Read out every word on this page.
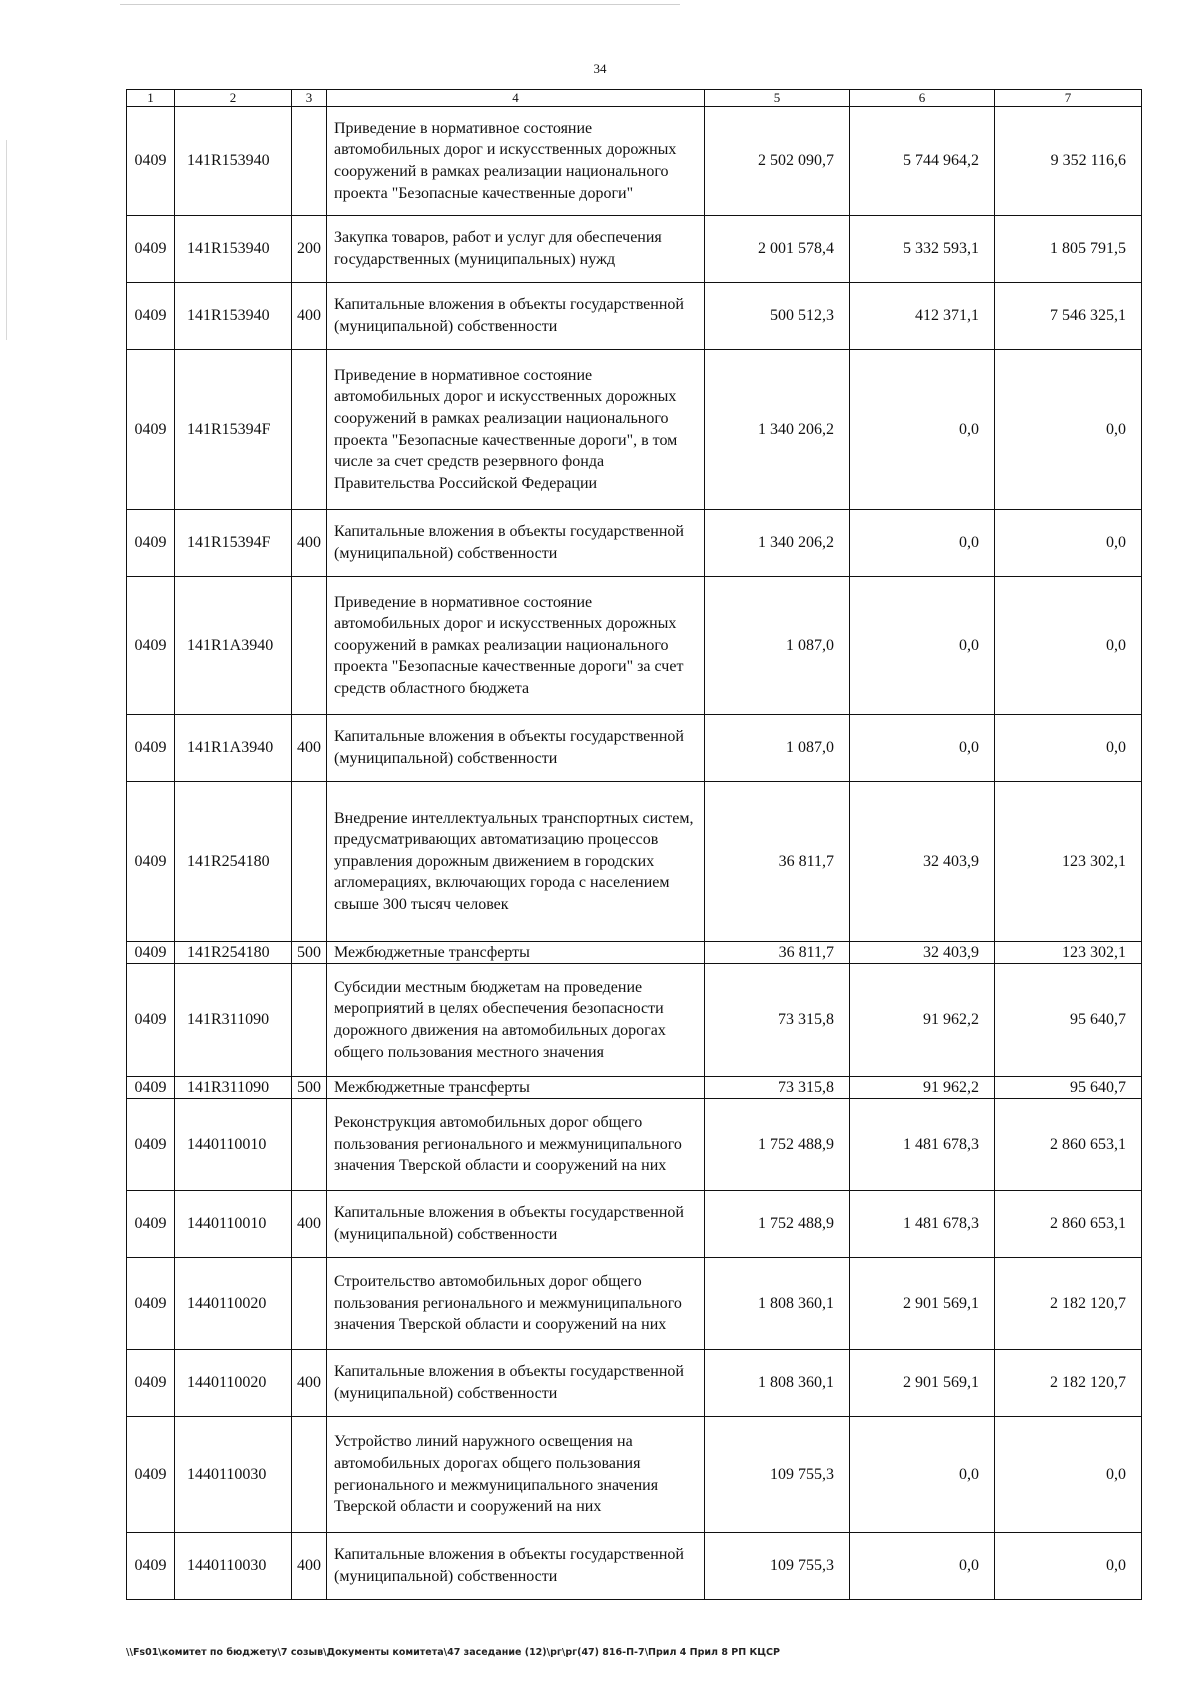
34
1	2	3	4	5	6	7
0409	141R153940		Приведение в нормативное состояние автомобильных дорог и искусственных дорожных сооружений в рамках реализации национального проекта "Безопасные качественные дороги"	2 502 090,7	5 744 964,2	9 352 116,6
0409	141R153940	200	Закупка товаров, работ и услуг для обеспечения государственных (муниципальных) нужд	2 001 578,4	5 332 593,1	1 805 791,5
0409	141R153940	400	Капитальные вложения в объекты государственной (муниципальной) собственности	500 512,3	412 371,1	7 546 325,1
0409	141R15394F		Приведение в нормативное состояние автомобильных дорог и искусственных дорожных сооружений в рамках реализации национального проекта "Безопасные качественные дороги", в том числе за счет средств резервного фонда Правительства Российской Федерации	1 340 206,2	0,0	0,0
0409	141R15394F	400	Капитальные вложения в объекты государственной (муниципальной) собственности	1 340 206,2	0,0	0,0
0409	141R1A3940		Приведение в нормативное состояние автомобильных дорог и искусственных дорожных сооружений в рамках реализации национального проекта "Безопасные качественные дороги" за счет средств областного бюджета	1 087,0	0,0	0,0
0409	141R1A3940	400	Капитальные вложения в объекты государственной (муниципальной) собственности	1 087,0	0,0	0,0
0409	141R254180		Внедрение интеллектуальных транспортных систем, предусматривающих автоматизацию процессов управления дорожным движением в городских агломерациях, включающих города с населением свыше 300 тысяч человек	36 811,7	32 403,9	123 302,1
0409	141R254180	500	Межбюджетные трансферты	36 811,7	32 403,9	123 302,1
0409	141R311090		Субсидии местным бюджетам на проведение мероприятий в целях обеспечения безопасности дорожного движения на автомобильных дорогах общего пользования местного значения	73 315,8	91 962,2	95 640,7
0409	141R311090	500	Межбюджетные трансферты	73 315,8	91 962,2	95 640,7
0409	1440110010		Реконструкция автомобильных дорог общего пользования регионального и межмуниципального значения Тверской области и сооружений на них	1 752 488,9	1 481 678,3	2 860 653,1
0409	1440110010	400	Капитальные вложения в объекты государственной (муниципальной) собственности	1 752 488,9	1 481 678,3	2 860 653,1
0409	1440110020		Строительство автомобильных дорог общего пользования регионального и межмуниципального значения Тверской области и сооружений на них	1 808 360,1	2 901 569,1	2 182 120,7
0409	1440110020	400	Капитальные вложения в объекты государственной (муниципальной) собственности	1 808 360,1	2 901 569,1	2 182 120,7
0409	1440110030		Устройство линий наружного освещения на автомобильных дорогах общего пользования регионального и межмуниципального значения Тверской области и сооружений на них	109 755,3	0,0	0,0
0409	1440110030	400	Капитальные вложения в объекты государственной (муниципальной) собственности	109 755,3	0,0	0,0
\\Fs01\комитет по бюджету\7 созыв\Документы комитета\47 заседание (12)\рг\рг(47) 816-П-7\Прил 4 Прил 8 РП КЦСР
